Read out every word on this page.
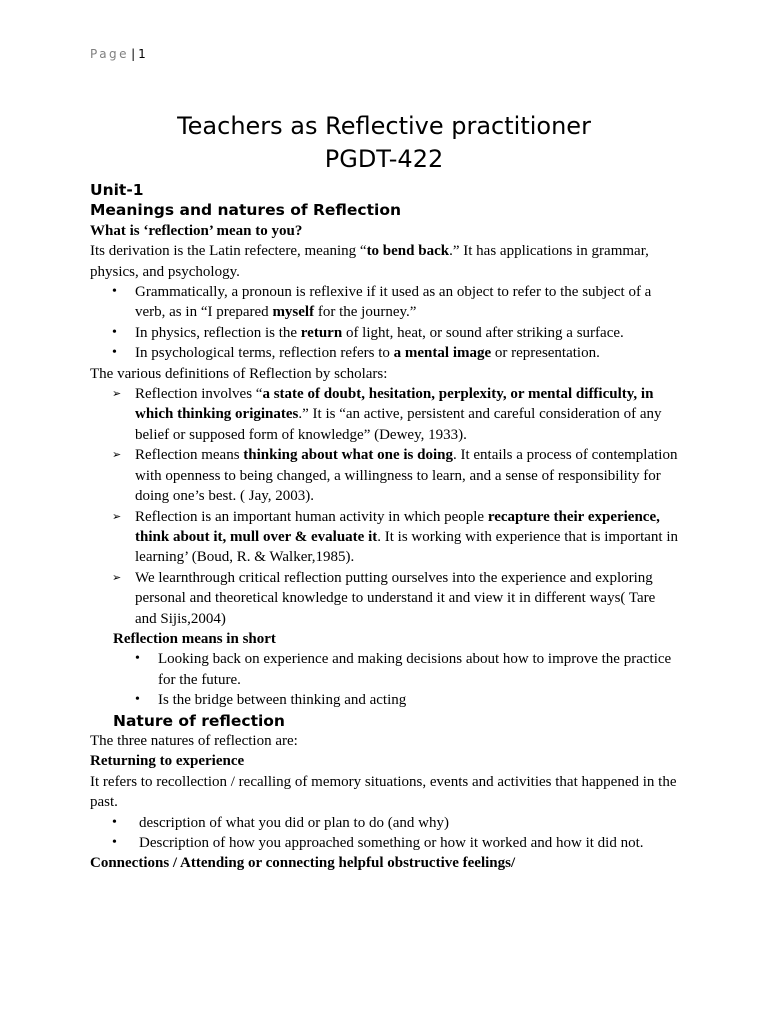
Page | 1
Teachers as Reflective practitioner
PGDT-422
Unit-1
Meanings and natures of Reflection
What is ‘reflection’ mean to you?

Its derivation is the Latin refectere, meaning “to bend back.” It has applications in grammar, physics, and psychology.

• Grammatically, a pronoun is reflexive if it used as an object to refer to the subject of a verb, as in “I prepared myself for the journey.”
• In physics, reflection is the return of light, heat, or sound after striking a surface.
• In psychological terms, reflection refers to a mental image or representation.
The various definitions of Reflection by scholars:
➢ Reflection involves “a state of doubt, hesitation, perplexity, or mental difficulty, in which thinking originates.” It is “an active, persistent and careful consideration of any belief or supposed form of knowledge” (Dewey, 1933).
➢ Reflection means thinking about what one is doing. It entails a process of contemplation with openness to being changed, a willingness to learn, and a sense of responsibility for doing one’s best. ( Jay, 2003).
➢ Reflection is an important human activity in which people recapture their experience, think about it, mull over & evaluate it. It is working with experience that is important in learning’ (Boud, R. & Walker,1985).
➢ We learnthrough critical reflection putting ourselves into the experience and exploring personal and theoretical knowledge to understand it and view it in different ways( Tare and Sijis,2004)
Reflection means in short
• Looking back on experience and making decisions about how to improve the practice for the future.
• Is the bridge between thinking and acting
Nature of reflection
The three natures of reflection are:
Returning to experience

It refers to recollection / recalling of memory situations, events and activities that happened in the past.

• description of what you did or plan to do (and why)
• Description of how you approached something or how it worked and how it did not.
Connections / Attending or connecting helpful obstructive feelings/
